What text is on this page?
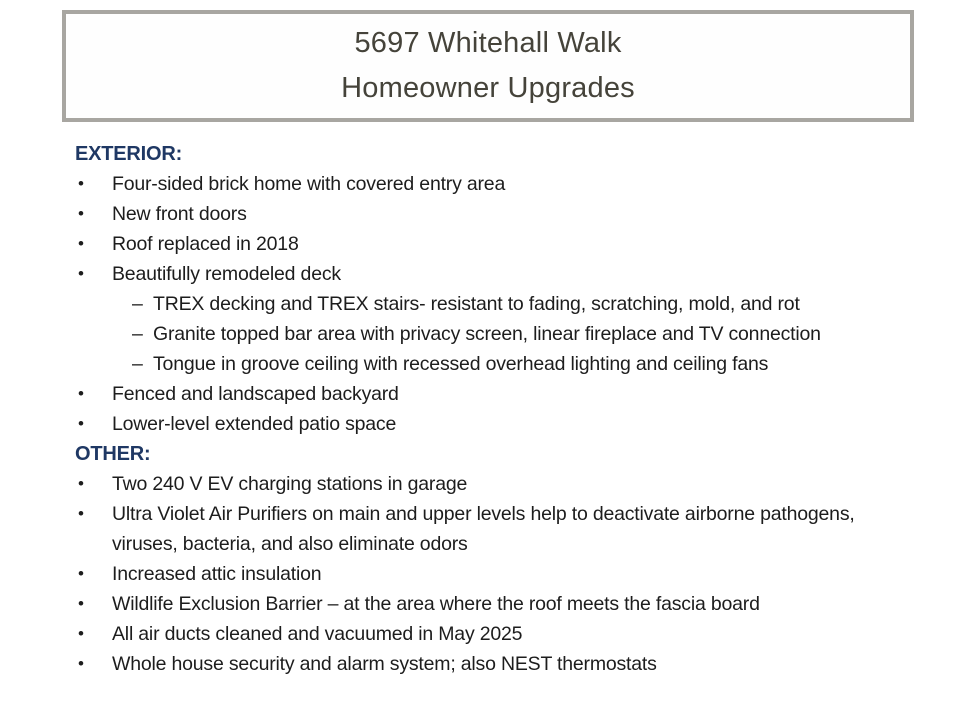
5697 Whitehall Walk
Homeowner Upgrades
EXTERIOR:
•	Four-sided brick home with covered entry area
•	New front doors
•	Roof replaced in 2018
•	Beautifully remodeled deck
– TREX decking and TREX stairs- resistant to fading, scratching, mold, and rot
– Granite topped bar area with privacy screen, linear fireplace and TV connection
– Tongue in groove ceiling with recessed overhead lighting and ceiling fans
•	Fenced and landscaped backyard
•	Lower-level extended patio space
OTHER:
•	Two 240 V EV charging stations in garage
•	Ultra Violet Air Purifiers on main and upper levels help to deactivate airborne pathogens, viruses, bacteria, and also eliminate odors
•	Increased attic insulation
•	Wildlife Exclusion Barrier – at the area where the roof meets the fascia board
•	All air ducts cleaned and vacuumed in May 2025
•	Whole house security and alarm system; also NEST thermostats
